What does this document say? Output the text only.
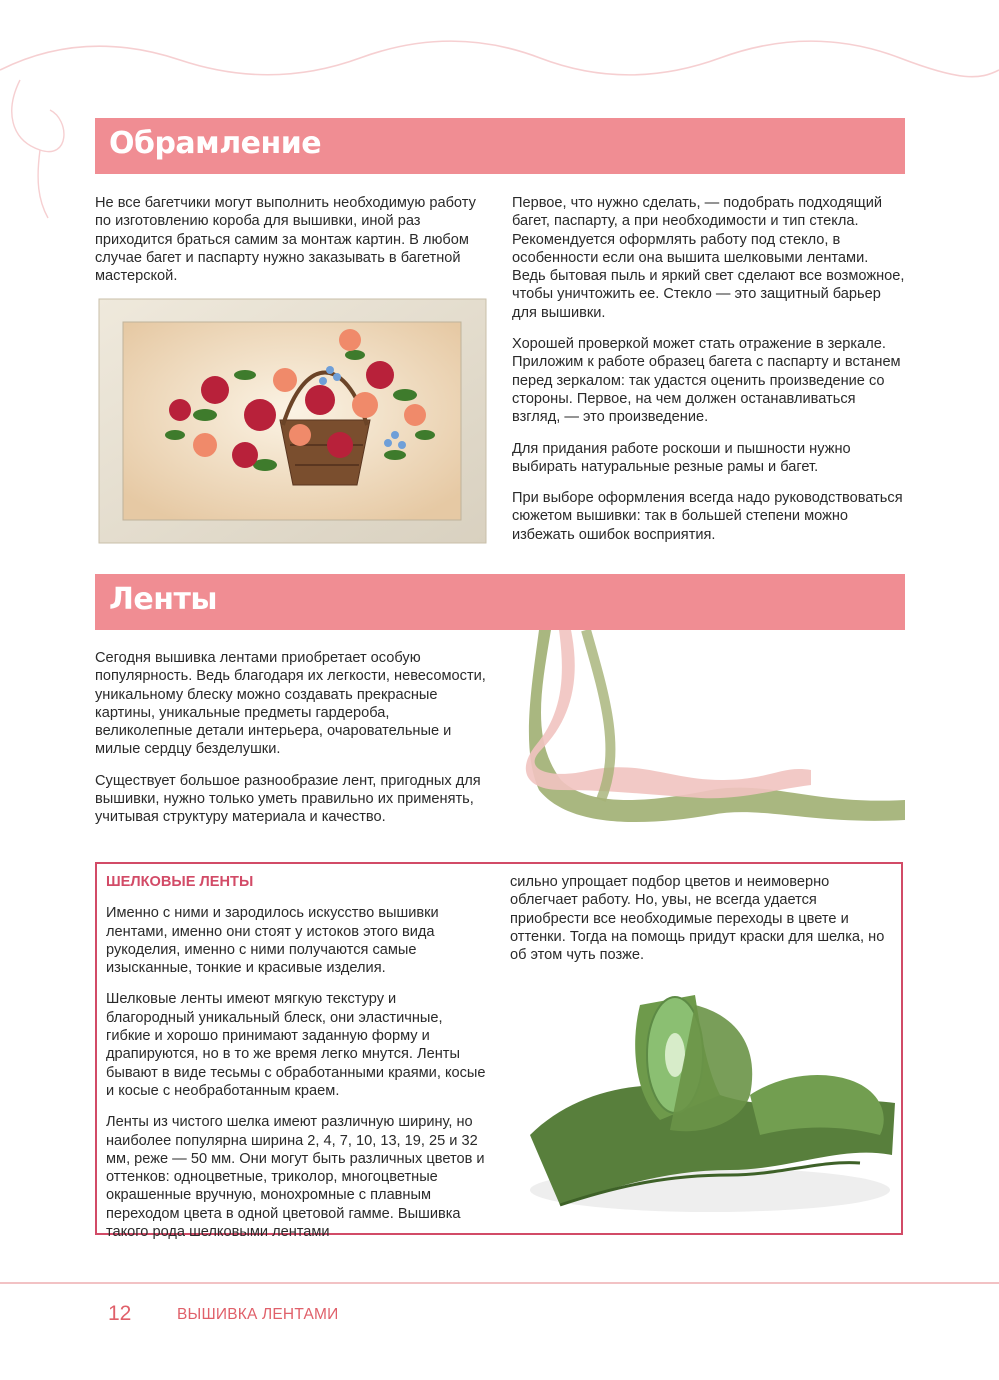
Обрамление

Не все багетчики могут выполнить необходимую работу по изготовлению короба для вышивки, иной раз приходится браться самим за монтаж картин. В любом случае багет и паспарту нужно заказывать в багетной мастерской.

Первое, что нужно сделать, — подобрать подходящий багет, паспарту, а при необходимости и тип стекла. Рекомендуется оформлять работу под стекло, в особенности если она вышита шелковыми лентами. Ведь бытовая пыль и яркий свет сделают все возможное, чтобы уничтожить ее. Стекло — это защитный барьер для вышивки.

Хорошей проверкой может стать отражение в зеркале. Приложим к работе образец багета с паспарту и встанем перед зеркалом: так удастся оценить произведение со стороны. Первое, на чем должен останавливаться взгляд, — это произведение.

Для придания работе роскоши и пышности нужно выбирать натуральные резные рамы и багет.

При выборе оформления всегда надо руководствоваться сюжетом вышивки: так в большей степени можно избежать ошибок восприятия.

Ленты

Сегодня вышивка лентами приобретает особую популярность. Ведь благодаря их легкости, невесомости, уникальному блеску можно создавать прекрасные картины, уникальные предметы гардероба, великолепные детали интерьера, очаровательные и милые сердцу безделушки.

Существует большое разнообразие лент, пригодных для вышивки, нужно только уметь правильно их применять, учитывая структуру материала и качество.

ШЕЛКОВЫЕ ЛЕНТЫ

Именно с ними и зародилось искусство вышивки лентами, именно они стоят у истоков этого вида рукоделия, именно с ними получаются самые изысканные, тонкие и красивые изделия.

Шелковые ленты имеют мягкую текстуру и благородный уникальный блеск, они эластичные, гибкие и хорошо принимают заданную форму и драпируются, но в то же время легко мнутся. Ленты бывают в виде тесьмы с обработанными краями, косые и косые с необработанным краем.

Ленты из чистого шелка имеют различную ширину, но наиболее популярна ширина 2, 4, 7, 10, 13, 19, 25 и 32 мм, реже — 50 мм. Они могут быть различных цветов и оттенков: одноцветные, триколор, многоцветные окрашенные вручную, монохромные с плавным переходом цвета в одной цветовой гамме. Вышивка такого рода шелковыми лентами

сильно упрощает подбор цветов и неимоверно облегчает работу. Но, увы, не всегда удается приобрести все необходимые переходы в цвете и оттенки. Тогда на помощь придут краски для шелка, но об этом чуть позже.

12	ВЫШИВКА ЛЕНТАМИ
